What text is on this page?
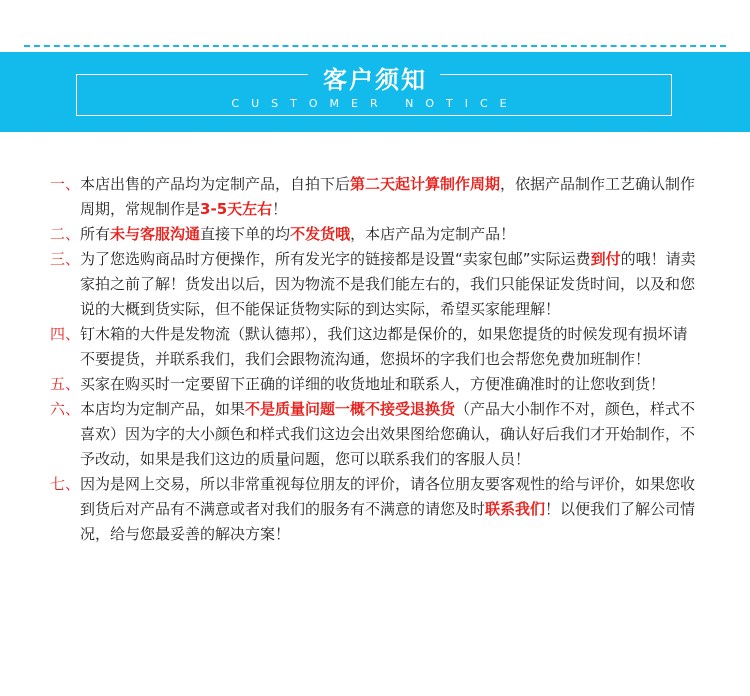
客户须知
CUSTOMER NOTICE
一、 本店出售的产品均为定制产品，自拍下后第二天起计算制作周期，依据产品制作工艺确认制作周期，常规制作是3-5天左右！
二、 所有未与客服沟通直接下单的均不发货哦，本店产品为定制产品！
三、 为了您选购商品时方便操作，所有发光字的链接都是设置“卖家包邮”实际运费到付的哦！请卖家拍之前了解！货发出以后，因为物流不是我们能左右的，我们只能保证发货时间，以及和您说的大概到货实际，但不能保证货物实际的到达实际，希望买家能理解！
四、 钉木箱的大件是发物流（默认德邦），我们这边都是保价的，如果您提货的时候发现有损坏请不要提货，并联系我们，我们会跟物流沟通，您损坏的字我们也会帮您免费加班制作！
五、 买家在购买时一定要留下正确的详细的收货地址和联系人，方便准确准时的让您收到货！
六、 本店均为定制产品，如果不是质量问题一概不接受退换货（产品大小制作不对，颜色，样式不喜欢）因为字的大小颜色和样式我们这边会出效果图给您确认，确认好后我们才开始制作，不予改动，如果是我们这边的质量问题，您可以联系我们的客服人员！
七、 因为是网上交易，所以非常重视每位朋友的评价，请各位朋友要客观性的给与评价，如果您收到货后对产品有不满意或者对我们的服务有不满意的请您及时联系我们！以便我们了解公司情况，给与您最妥善的解决方案！
